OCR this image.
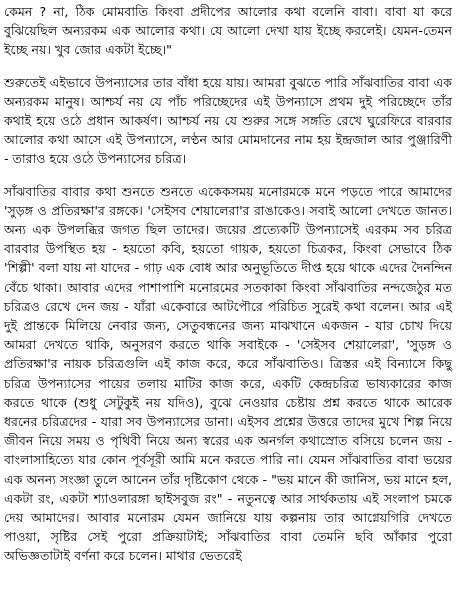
কেমন ? না, ঠিক মোমবাতি কিংবা প্রদীপের আলোর কথা বলেনি বাবা। বাবা যা করে বুঝিয়েছিল অন্যরকম এক আলোর কথা। যে আলো দেখা যায় ইচ্ছে করলেই। যেমন-তেমন ইচ্ছে নয়। খুব জোর একটা ইচ্ছে।"

শুরুতেই এইভাবে উপন্যাসের তার বাঁধা হয়ে যায়। আমরা বুঝতে পারি সাঁঝবাতির বাবা এক অন্যরকম মানুষ। আশ্চর্য নয় যে পাঁচ পরিচ্ছেদের এই উপন্যাসে প্রথম দুই পরিচ্ছেদে তাঁর কথাই হয়ে ওঠে প্রধান আকর্ষণ। আশ্চর্য নয় যে শুরুর সঙ্গে সঙ্গতি রেখে ঘুরেফিরে বারবার আলোর কথা আসে এই উপন্যাসে, লণ্ঠন আর মোমদানের নাম হয় ইন্দ্রজাল আর পুঞ্জারিণী - তারাও হয়ে ওঠে উপন্যাসের চরিত্র।

সাঁঝবাতির বাবার কথা শুনতে শুনতে একেকসময় মনোরমকে মনে পড়তে পারে আমাদের 'সুড়ঙ্গ ও প্রতিরক্ষা'র রঙ্গকে। 'সেইসব শেয়ালেরা'র রাঙাকেও। সবাই আলো দেখতে জানত। অন্য এক উপলব্ধির জগত ছিল তাদের। জয়ের প্রত্যেকটি উপন্যাসেই এরকম সব চরিত্র বারবার উপস্থিত হয় - হয়তো কবি, হয়তো গায়ক, হয়তো চিত্রকর, কিংবা সেভাবে ঠিক 'শিল্পী' বলা যায় না যাদের - গাঢ় এক বোধ আর অনুভূতিতে দীপ্ত হয়ে থাকে এদের দৈনন্দিন বেঁচে থাকা। আবার এদের পাশাপাশি মনোরমের সতকাকা কিংবা সাঁঝবাতির নন্দজেঠুর মত চরিত্রও রেখে দেন জয় - যাঁরা একেবারে আটপৌরে পরিচিত সুরেই কথা বলেন। আর এই দুই প্রান্তকে মিলিয়ে নেবার জন্য, সেতুবন্ধনের জন্য মাঝখানে একজন - যার চোখ দিয়ে আমরা দেখতে থাকি, অনুসরণ করতে থাকি সবাইকে - 'সেইসব শেয়ালেরা', 'সুড়ঙ্গ ও প্রতিরক্ষা'র নায়ক চরিত্রগুলি এই কাজ করে, করে সাঁঝবাতিও। ত্রিস্তর এই বিন্যাসে কিছু চরিত্র উপন্যাসের পায়ের তলায় মাটির কাজ করে, একটি কেন্দ্রচরিত্র ভাষ্যকারের কাজ করতে থাকে (শুধু সেটুকুই নয় যদিও), বুঝে নেওয়ার চেষ্টায় প্রশ্ন করতে থাকে আরেক ধরনের চরিত্রদের - যারা সব উপন্যাসের ডানা। এইসব প্রশ্নের উত্তরে তাদের মুখে শিল্প নিয়ে জীবন নিয়ে সময় ও পৃথিবী নিয়ে অন্য স্বরের এক অনর্গল কথাস্রোত বসিয়ে চলেন জয় - বাংলাসাহিত্যে যার কোন পূর্বসূরী আমি মনে করতে পারি না। যেমন সাঁঝবাতির বাবা ভয়ের এক অনন্য সংজ্ঞা তুলে আনেন তাঁর দৃষ্টিকোণ থেকে - "ভয় মানে কী জানিস, ভয় মানে হল, একটা রং, একটা শ্যাওলারঙ্গা ছাইসবুজ রং" - নতুনত্বে আর সার্থকতায় এই সংলাপ চমকে দেয় আমাদের। আবার মনোরম যেমন জানিয়ে যায় কল্পনায় তার আগ্নেয়গিরি দেখতে পাওয়া, সৃষ্টির সেই পুরো প্রক্রিয়াটাই; সাঁঝবাতির বাবা তেমনি ছবি আঁকার পুরো অভিজ্ঞতাটাই বর্ণনা করে চলেন। মাথার ভেতরেই
